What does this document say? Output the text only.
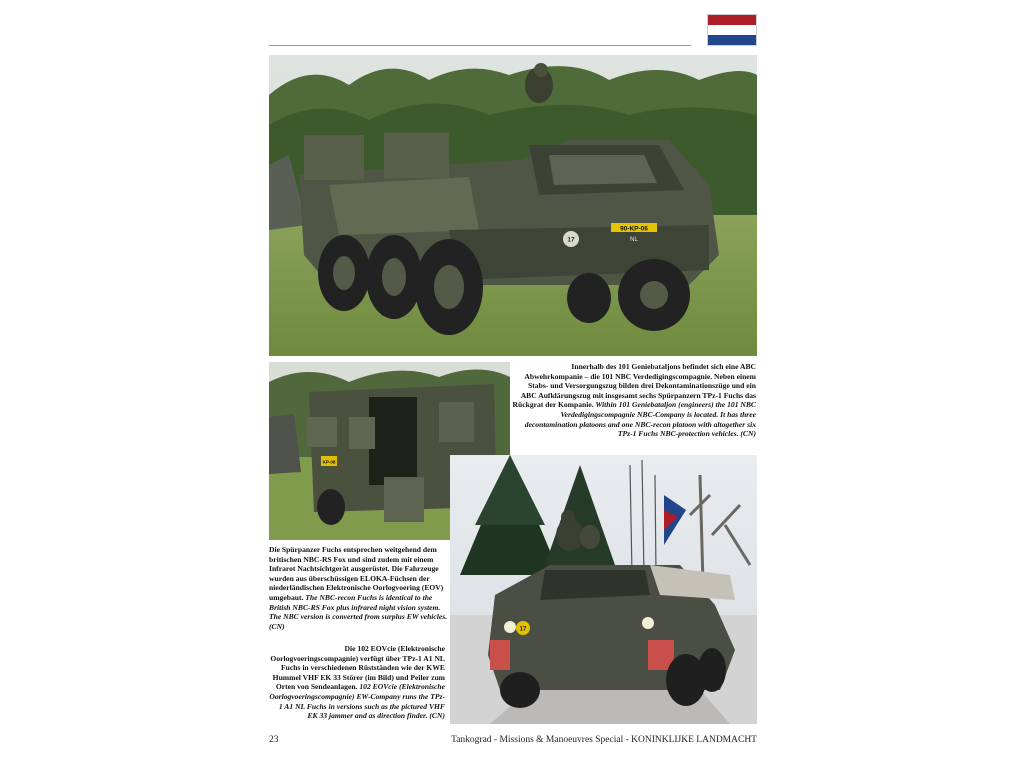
90-KP-06
NL
17
KP-08
17
Innerhalb des 101 Geniebataljons befindet sich eine ABC Abwehrkompanie – die 101 NBC Verdedigingscompagnie. Neben einem Stabs- und Versorgungszug bilden drei Dekontaminationszüge und ein ABC Aufklärungszug mit insgesamt sechs Spürpanzern TPz-1 Fuchs das Rückgrat der Kompanie. Within 101 Geniebataljon (engineers) the 101 NBC Verdedigingscompagnie NBC-Company is located. It has three decontamination platoons and one NBC-recon platoon with altogether six TPz-1 Fuchs NBC-protection vehicles. (CN)
Die Spürpanzer Fuchs entsprechen weitgehend dem britischen NBC-RS Fox und sind zudem mit einem Infrarot Nachtsichtgerät ausgerüstet. Die Fahrzeuge wurden aus überschüssigen ELOKA-Füchsen der niederländischen Elektronische Oorlogvoering (EOV) umgebaut. The NBC-recon Fuchs is identical to the British NBC-RS Fox plus infrared night vision system. The NBC version is converted from surplus EW vehicles. (CN)
Die 102 EOVcie (Elektronische Oorlogvoeringscompagnie) verfügt über TPz-1 A1 NL Fuchs in verschiedenen Rüstständen wie der KWE Hummel VHF EK 33 Störer (im Bild) und Peiler zum Orten von Sendeanlagen. 102 EOVcie (Elektronische Oorlogvoeringscompagnie) EW-Company runs the TPz-1 A1 NL Fuchs in versions such as the pictured VHF EK 33 jammer and as direction finder. (CN)
23	Tankograd - Missions & Manoeuvres Special - KONINKLIJKE LANDMACHT
